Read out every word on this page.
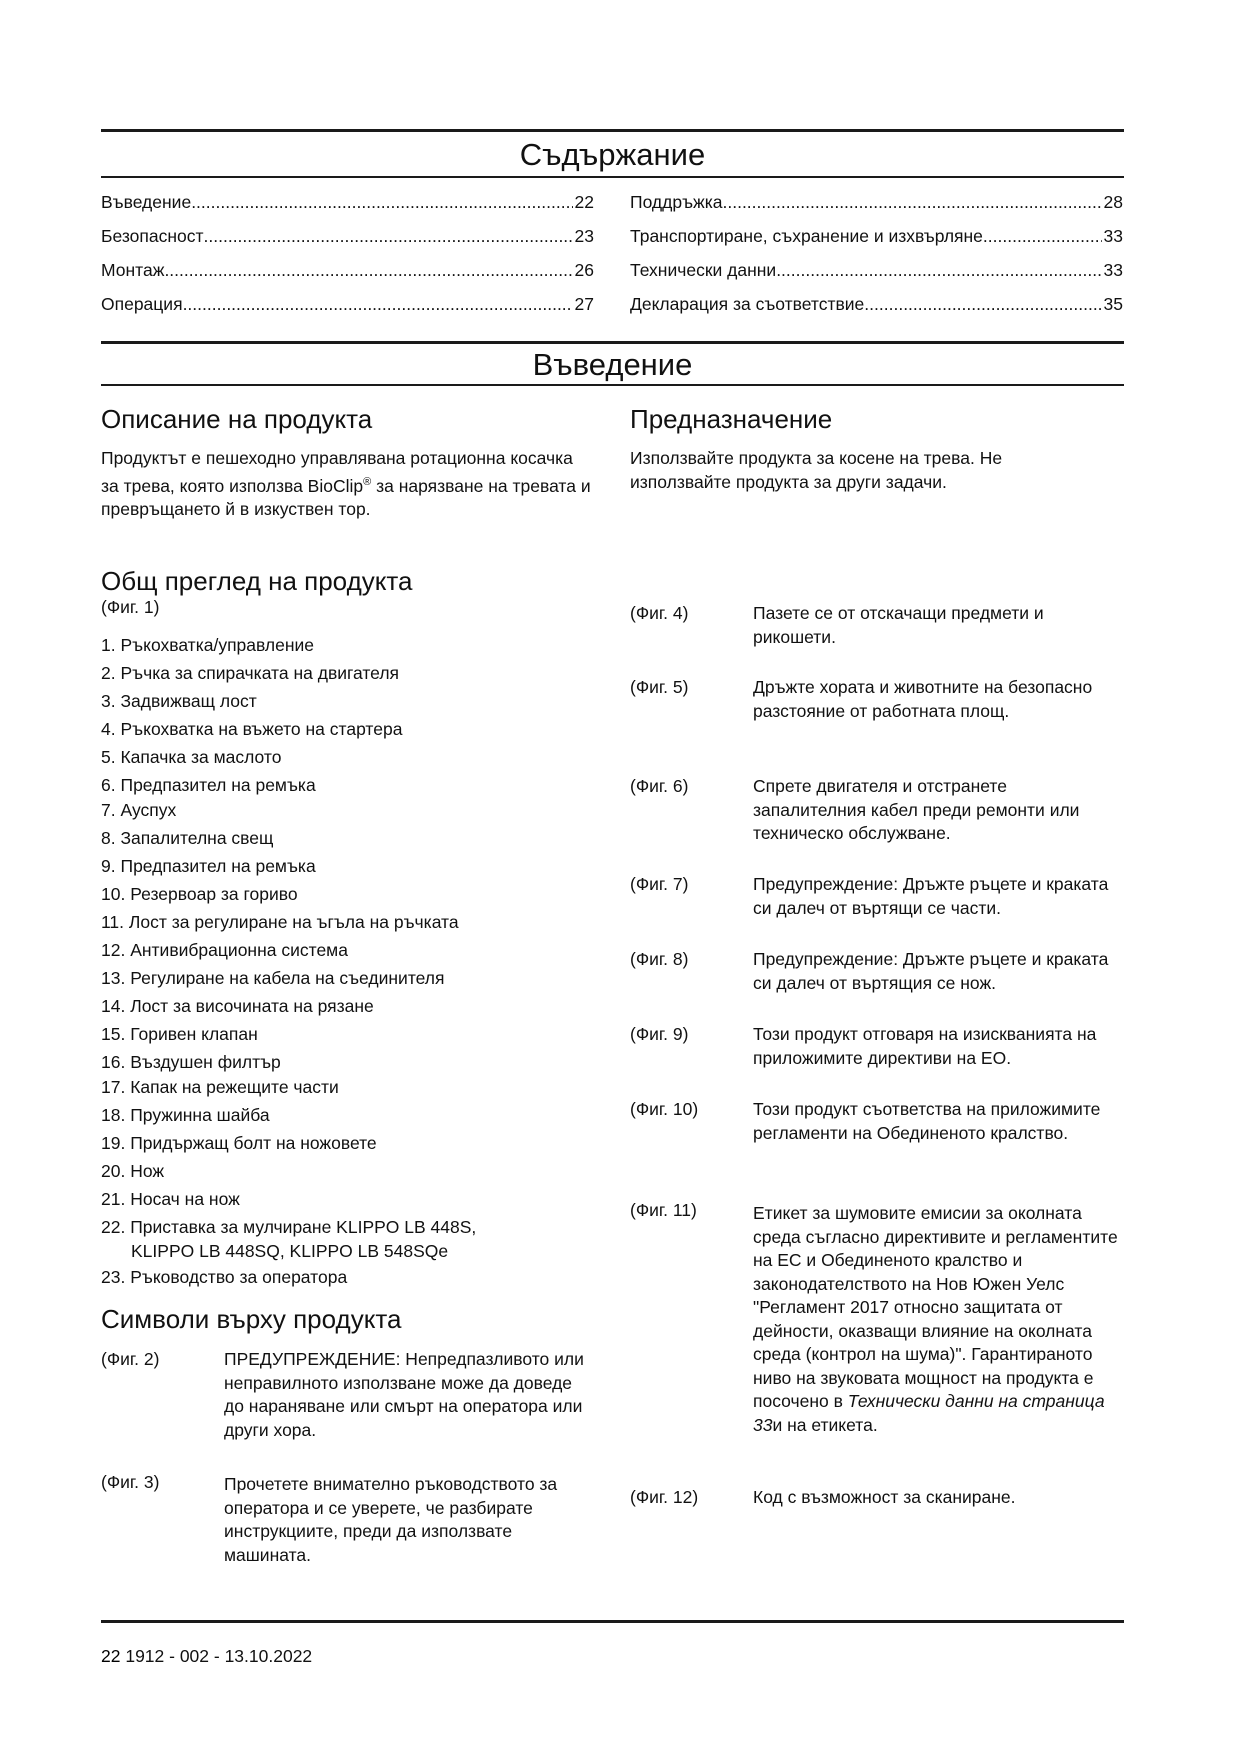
Съдържание
Въведение .....	22
Безопасност .....	23
Монтаж .....	26
Операция .....	27
Поддръжка .....	28
Транспортиране, съхранение и изхвърляне .....	33
Технически данни .....	33
Декларация за съответствие .....	35
Въведение
Описание на продукта
Продуктът е пешеходно управлявана ротационна косачка за трева, която използва BioClip® за нарязване на тревата и превръщането й в изкуствен тор.
Предназначение
Използвайте продукта за косене на трева. Не използвайте продукта за други задачи.
Общ преглед на продукта
(Фиг. 1)
1. Ръкохватка/управление
2. Ръчка за спирачката на двигателя
3. Задвижващ лост
4. Ръкохватка на въжето на стартера
5. Капачка за маслото
6. Предпазител на ремъка
7. Ауспух
8. Запалителна свещ
9. Предпазител на ремъка
10. Резервоар за гориво
11. Лост за регулиране на ъгъла на ръчката
12. Антивибрационна система
13. Регулиране на кабела на съединителя
14. Лост за височината на рязане
15. Горивен клапан
16. Въздушен филтър
17. Капак на режещите части
18. Пружинна шайба
19. Придържащ болт на ножовете
20. Нож
21. Носач на нож
22. Приставка за мулчиране KLIPPO LB 448S,
KLIPPO LB 448SQ, KLIPPO LB 548SQe
23. Ръководство за оператора
Символи върху продукта
(Фиг. 2)	ПРЕДУПРЕЖДЕНИЕ: Непредпазливото или неправилното използване може да доведе до нараняване или смърт на оператора или други хора.
(Фиг. 3)	Прочетете внимателно ръководството за оператора и се уверете, че разбирате инструкциите, преди да използвате машината.
(Фиг. 4)	Пазете се от отскачащи предмети и рикошети.
(Фиг. 5)	Дръжте хората и животните на безопасно разстояние от работната площ.
(Фиг. 6)	Спрете двигателя и отстранете запалителния кабел преди ремонти или техническо обслужване.
(Фиг. 7)	Предупреждение: Дръжте ръцете и краката си далеч от въртящи се части.
(Фиг. 8)	Предупреждение: Дръжте ръцете и краката си далеч от въртящия се нож.
(Фиг. 9)	Този продукт отговаря на изискванията на приложимите директиви на ЕО.
(Фиг. 10)	Този продукт съответства на приложимите регламенти на Обединеното кралство.
(Фиг. 11)	Етикет за шумовите емисии за околната среда съгласно директивите и регламентите на ЕС и Обединеното кралство и законодателството на Нов Южен Уелс "Регламент 2017 относно защитата от дейности, оказващи влияние на околната среда (контрол на шума)". Гарантираното ниво на звуковата мощност на продукта е посочено в Технически данни на страница 33и на етикета.
(Фиг. 12)	Код с възможност за сканиране.
22 1912 - 002 - 13.10.2022
